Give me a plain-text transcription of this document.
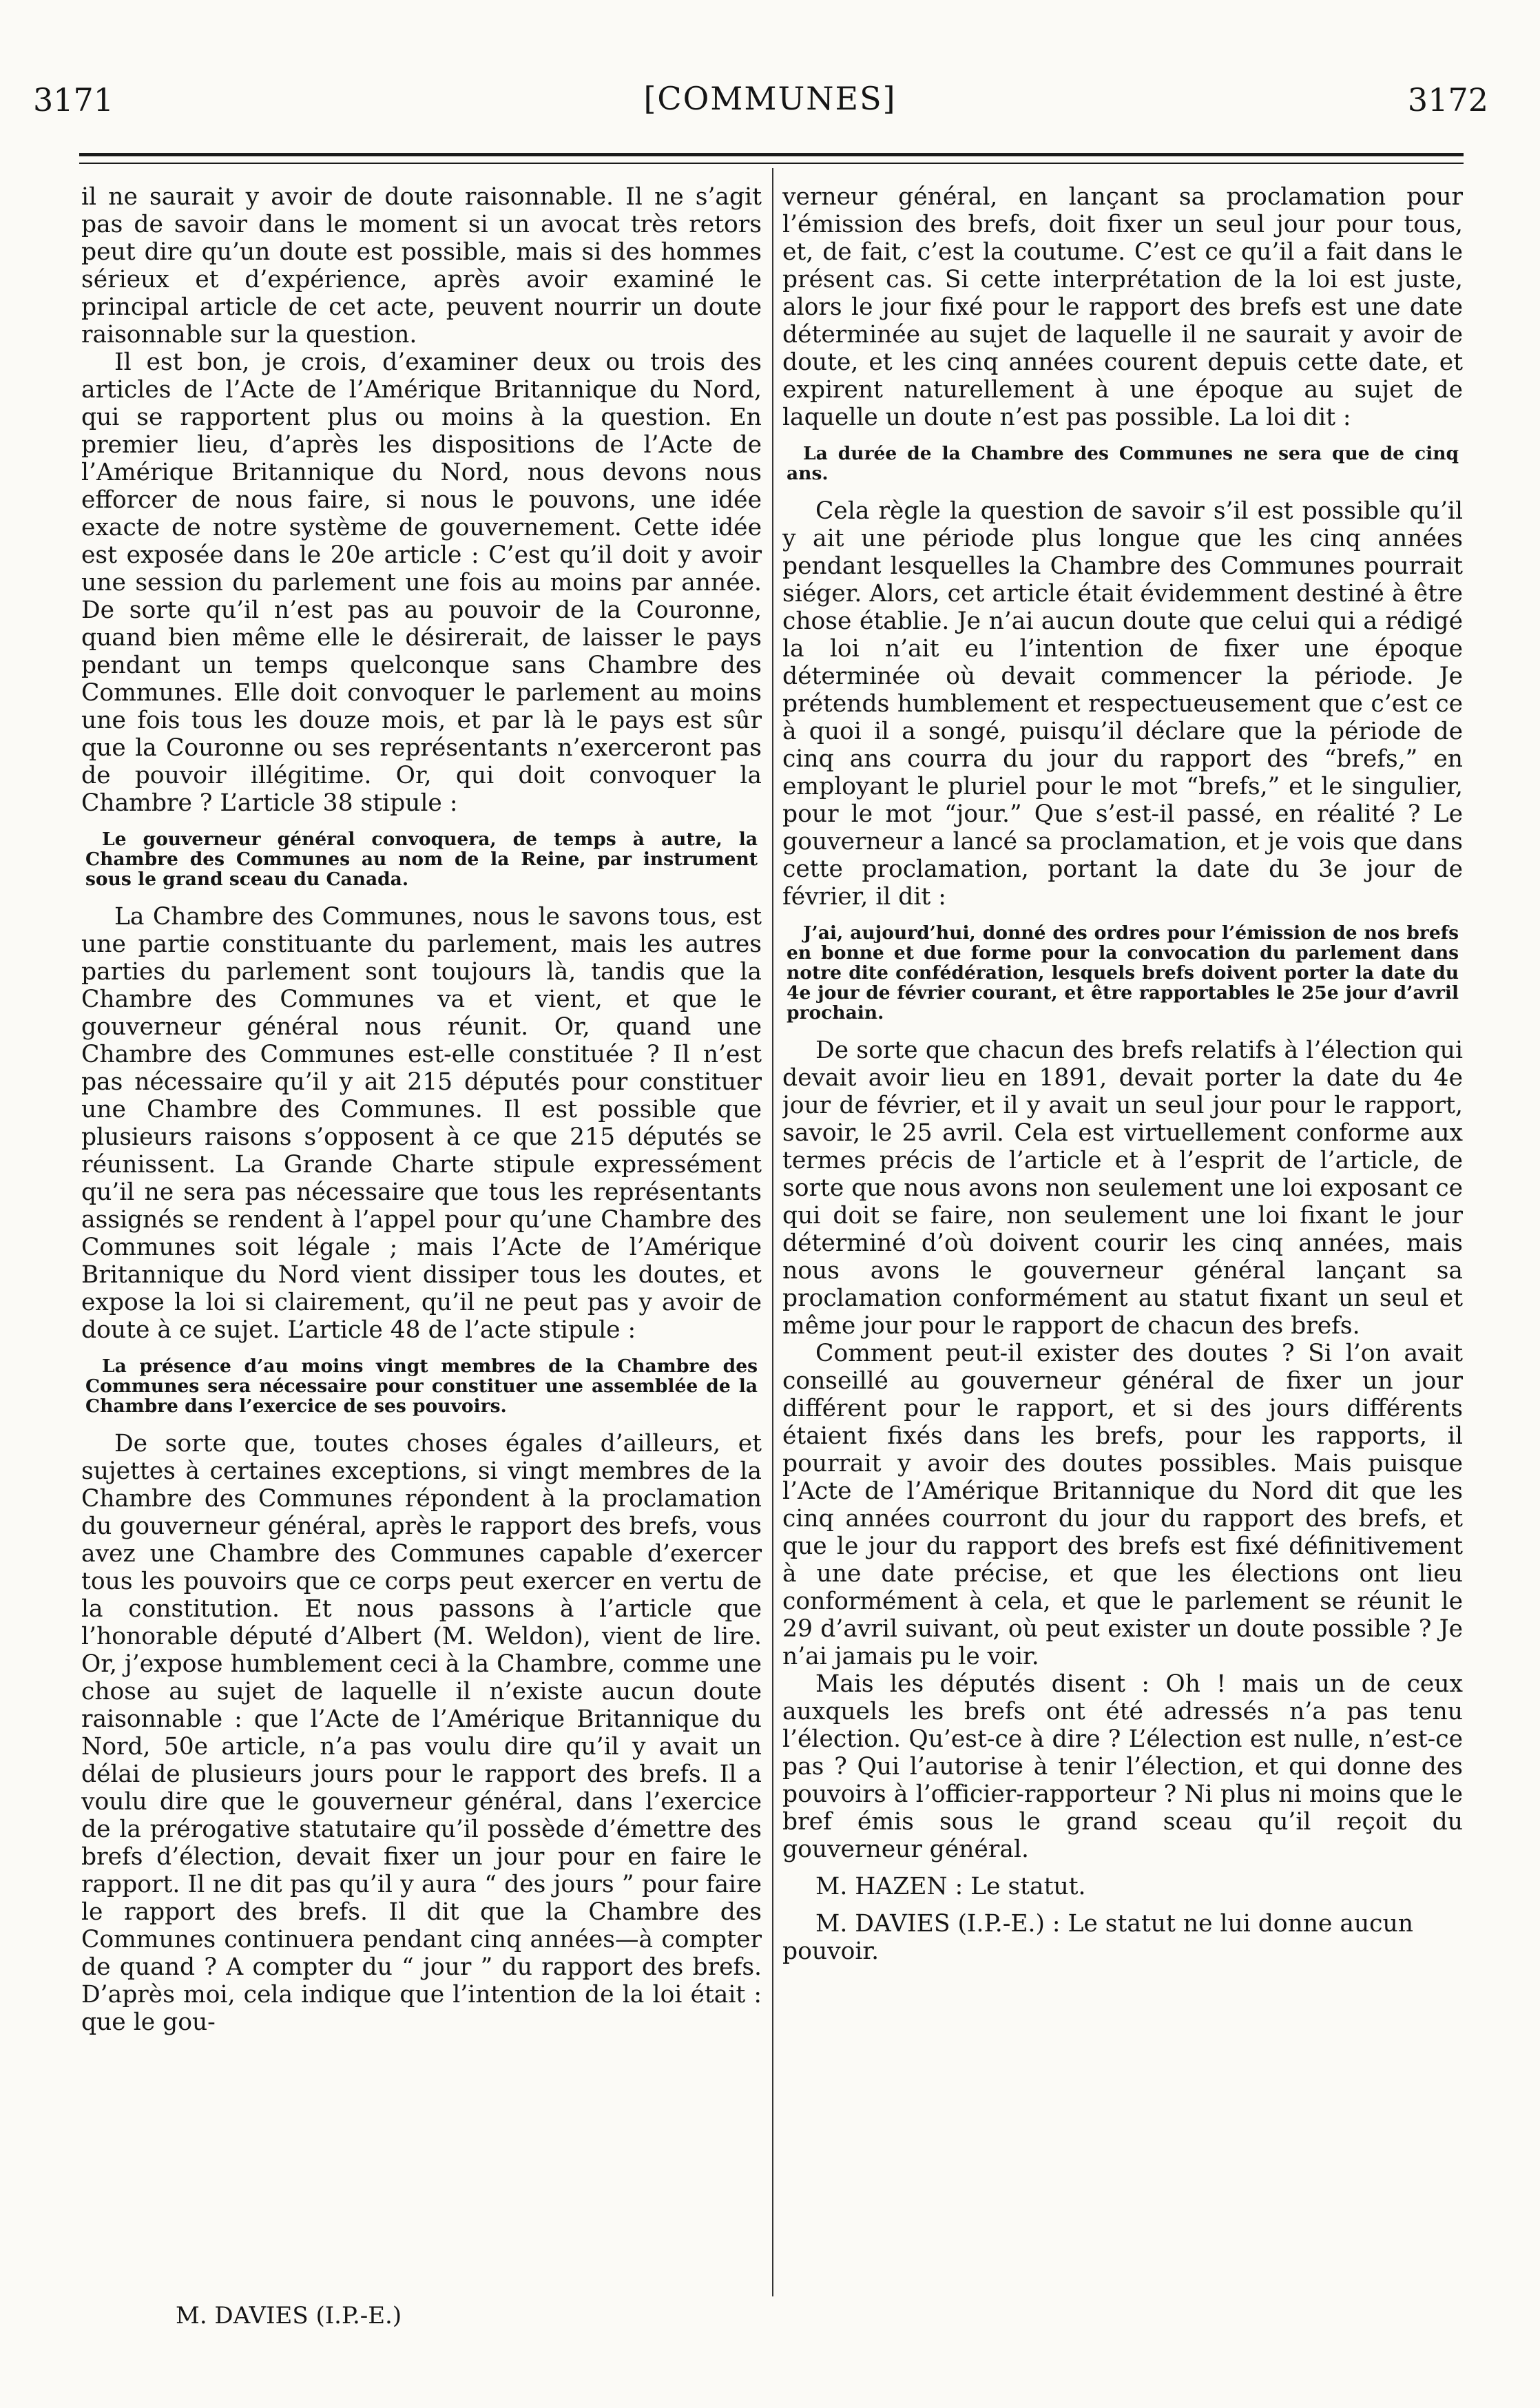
3171	[COMMUNES]	3172

il ne saurait y avoir de doute raisonnable. Il ne s’agit pas de savoir dans le moment si un avocat très retors peut dire qu’un doute est possible, mais si des hommes sérieux et d’expérience, après avoir examiné le principal article de cet acte, peuvent nourrir un doute raisonnable sur la question.

Il est bon, je crois, d’examiner deux ou trois des articles de l’Acte de l’Amérique Britannique du Nord, qui se rapportent plus ou moins à la question. En premier lieu, d’après les dispositions de l’Acte de l’Amérique Britannique du Nord, nous devons nous efforcer de nous faire, si nous le pouvons, une idée exacte de notre système de gouvernement. Cette idée est exposée dans le 20e article : C’est qu’il doit y avoir une session du parlement une fois au moins par année. De sorte qu’il n’est pas au pouvoir de la Couronne, quand bien même elle le désirerait, de laisser le pays pendant un temps quelconque sans Chambre des Communes. Elle doit convoquer le parlement au moins une fois tous les douze mois, et par là le pays est sûr que la Couronne ou ses représentants n’exerceront pas de pouvoir illégitime. Or, qui doit convoquer la Chambre ? L’article 38 stipule :

Le gouverneur général convoquera, de temps à autre, la Chambre des Communes au nom de la Reine, par instrument sous le grand sceau du Canada.

La Chambre des Communes, nous le savons tous, est une partie constituante du parlement, mais les autres parties du parlement sont toujours là, tandis que la Chambre des Communes va et vient, et que le gouverneur général nous réunit. Or, quand une Chambre des Communes est-elle constituée ? Il n’est pas nécessaire qu’il y ait 215 députés pour constituer une Chambre des Communes. Il est possible que plusieurs raisons s’opposent à ce que 215 députés se réunissent. La Grande Charte stipule expressément qu’il ne sera pas nécessaire que tous les représentants assignés se rendent à l’appel pour qu’une Chambre des Communes soit légale ; mais l’Acte de l’Amérique Britannique du Nord vient dissiper tous les doutes, et expose la loi si clairement, qu’il ne peut pas y avoir de doute à ce sujet. L’article 48 de l’acte stipule :

La présence d’au moins vingt membres de la Chambre des Communes sera nécessaire pour constituer une assemblée de la Chambre dans l’exercice de ses pouvoirs.

De sorte que, toutes choses égales d’ailleurs, et sujettes à certaines exceptions, si vingt membres de la Chambre des Communes répondent à la proclamation du gouverneur général, après le rapport des brefs, vous avez une Chambre des Communes capable d’exercer tous les pouvoirs que ce corps peut exercer en vertu de la constitution. Et nous passons à l’article que l’honorable député d’Albert (M. Weldon), vient de lire. Or, j’expose humblement ceci à la Chambre, comme une chose au sujet de laquelle il n’existe aucun doute raisonnable : que l’Acte de l’Amérique Britannique du Nord, 50e article, n’a pas voulu dire qu’il y avait un délai de plusieurs jours pour le rapport des brefs. Il a voulu dire que le gouverneur général, dans l’exercice de la prérogative statutaire qu’il possède d’émettre des brefs d’élection, devait fixer un jour pour en faire le rapport. Il ne dit pas qu’il y aura “ des jours ” pour faire le rapport des brefs. Il dit que la Chambre des Communes continuera pendant cinq années—à compter de quand ? A compter du “ jour ” du rapport des brefs. D’après moi, cela indique que l’intention de la loi était : que le gou-

verneur général, en lançant sa proclamation pour l’émission des brefs, doit fixer un seul jour pour tous, et, de fait, c’est la coutume. C’est ce qu’il a fait dans le présent cas. Si cette interprétation de la loi est juste, alors le jour fixé pour le rapport des brefs est une date déterminée au sujet de laquelle il ne saurait y avoir de doute, et les cinq années courent depuis cette date, et expirent naturellement à une époque au sujet de laquelle un doute n’est pas possible. La loi dit :

La durée de la Chambre des Communes ne sera que de cinq ans.

Cela règle la question de savoir s’il est possible qu’il y ait une période plus longue que les cinq années pendant lesquelles la Chambre des Communes pourrait siéger. Alors, cet article était évidemment destiné à être chose établie. Je n’ai aucun doute que celui qui a rédigé la loi n’ait eu l’intention de fixer une époque déterminée où devait commencer la période. Je prétends humblement et respectueusement que c’est ce à quoi il a songé, puisqu’il déclare que la période de cinq ans courra du jour du rapport des “brefs,” en employant le pluriel pour le mot “brefs,” et le singulier, pour le mot “jour.” Que s’est-il passé, en réalité ? Le gouverneur a lancé sa proclamation, et je vois que dans cette proclamation, portant la date du 3e jour de février, il dit :

J’ai, aujourd’hui, donné des ordres pour l’émission de nos brefs en bonne et due forme pour la convocation du parlement dans notre dite confédération, lesquels brefs doivent porter la date du 4e jour de février courant, et être rapportables le 25e jour d’avril prochain.

De sorte que chacun des brefs relatifs à l’élection qui devait avoir lieu en 1891, devait porter la date du 4e jour de février, et il y avait un seul jour pour le rapport, savoir, le 25 avril. Cela est virtuellement conforme aux termes précis de l’article et à l’esprit de l’article, de sorte que nous avons non seulement une loi exposant ce qui doit se faire, non seulement une loi fixant le jour déterminé d’où doivent courir les cinq années, mais nous avons le gouverneur général lançant sa proclamation conformément au statut fixant un seul et même jour pour le rapport de chacun des brefs.

Comment peut-il exister des doutes ? Si l’on avait conseillé au gouverneur général de fixer un jour différent pour le rapport, et si des jours différents étaient fixés dans les brefs, pour les rapports, il pourrait y avoir des doutes possibles. Mais puisque l’Acte de l’Amérique Britannique du Nord dit que les cinq années courront du jour du rapport des brefs, et que le jour du rapport des brefs est fixé définitivement à une date précise, et que les élections ont lieu conformément à cela, et que le parlement se réunit le 29 d’avril suivant, où peut exister un doute possible ? Je n’ai jamais pu le voir.

Mais les députés disent : Oh ! mais un de ceux auxquels les brefs ont été adressés n’a pas tenu l’élection. Qu’est-ce à dire ? L’élection est nulle, n’est-ce pas ? Qui l’autorise à tenir l’élection, et qui donne des pouvoirs à l’officier-rapporteur ? Ni plus ni moins que le bref émis sous le grand sceau qu’il reçoit du gouverneur général.

M. HAZEN : Le statut.

M. DAVIES (I.P.-E.) : Le statut ne lui donne aucun pouvoir.

M. DAVIES (I.P.-E.)
